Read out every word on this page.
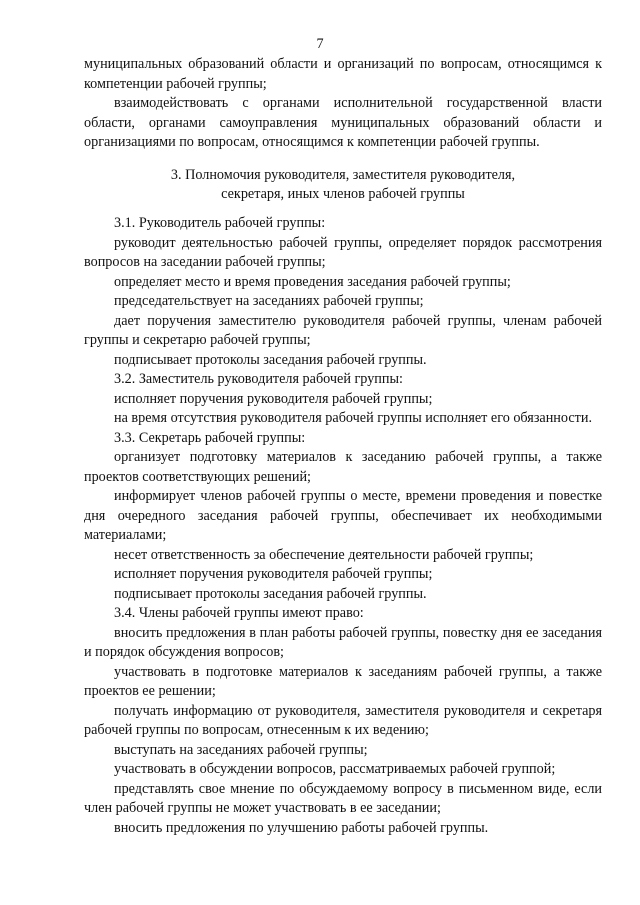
7

муниципальных образований области и организаций по вопросам, относящимся к компетенции рабочей группы;

взаимодействовать с органами исполнительной государственной власти области, органами самоуправления муниципальных образований области и организациями по вопросам, относящимся к компетенции рабочей группы.

3. Полномочия руководителя, заместителя руководителя,
секретаря, иных членов рабочей группы

3.1. Руководитель рабочей группы:

руководит деятельностью рабочей группы, определяет порядок рассмотрения вопросов на заседании рабочей группы;

определяет место и время проведения заседания рабочей группы;

председательствует на заседаниях рабочей группы;

дает поручения заместителю руководителя рабочей группы, членам рабочей группы и секретарю рабочей группы;

подписывает протоколы заседания рабочей группы.

3.2. Заместитель руководителя рабочей группы:

исполняет поручения руководителя рабочей группы;

на время отсутствия руководителя рабочей группы исполняет его обязанности.

3.3. Секретарь рабочей группы:

организует подготовку материалов к заседанию рабочей группы, а также проектов соответствующих решений;

информирует членов рабочей группы о месте, времени проведения и повестке дня очередного заседания рабочей группы, обеспечивает их необходимыми материалами;

несет ответственность за обеспечение деятельности рабочей группы;

исполняет поручения руководителя рабочей группы;

подписывает протоколы заседания рабочей группы.

3.4. Члены рабочей группы имеют право:

вносить предложения в план работы рабочей группы, повестку дня ее заседания и порядок обсуждения вопросов;

участвовать в подготовке материалов к заседаниям рабочей группы, а также проектов ее решении;

получать информацию от руководителя, заместителя руководителя и секретаря рабочей группы по вопросам, отнесенным к их ведению;

выступать на заседаниях рабочей группы;

участвовать в обсуждении вопросов, рассматриваемых рабочей группой;

представлять свое мнение по обсуждаемому вопросу в письменном виде, если член рабочей группы не может участвовать в ее заседании;

вносить предложения по улучшению работы рабочей группы.
